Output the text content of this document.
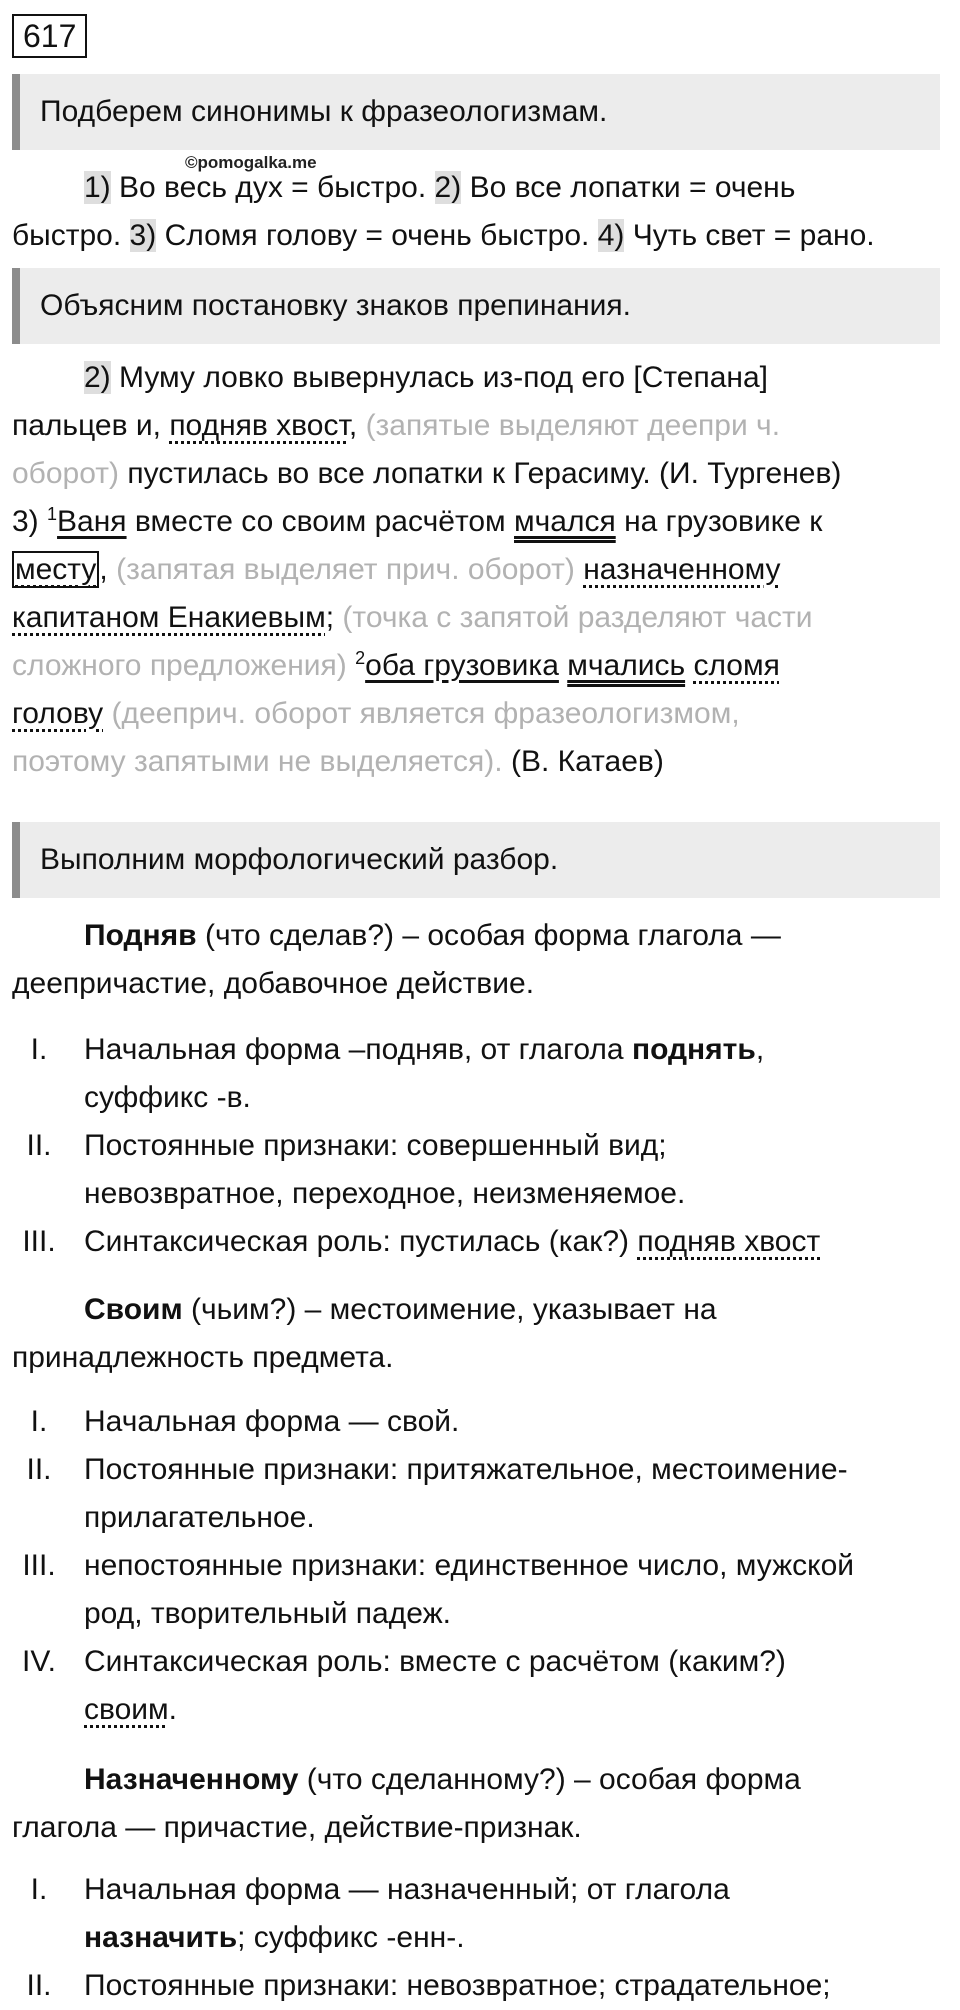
617
Подберем синонимы к фразеологизмам.
©pomogalka.me
1) Во весь дух = быстро. 2) Во все лопатки = очень
быстро. 3) Сломя голову = очень быстро. 4) Чуть свет = рано.
Объясним постановку знаков препинания.
2) Муму ловко вывернулась из-под его [Степана]
пальцев и, подняв хвост, (запятые выделяют деепри ч.
оборот) пустилась во все лопатки к Герасиму. (И. Тургенев)
3) $^1$Ваня вместе со своим расчётом мчался на грузовике к
месту , (запятая выделяет прич. оборот) назначенному
капитаном Енакиевым; (точка с запятой разделяют части
сложного предложения) $^2$оба грузовика мчались сломя
голову (дееприч. оборот является фразеологизмом,
поэтому запятыми не выделяется). (В. Катаев)
Выполним морфологический разбор.
Подняв (что сделав?) – особая форма глагола —
деепричастие, добавочное действие.
I.	Начальная форма –подняв, от глагола поднять,
суффикс -в.
II.	Постоянные признаки: совершенный вид;
невозвратное, переходное, неизменяемое.
III. Синтаксическая роль: пустилась (как?) подняв хвост
Своим (чьим?) – местоимение, указывает на
принадлежность предмета.
I.	Начальная форма — свой.
II.	Постоянные признаки: притяжательное, местоимение-
прилагательное.
III. непостоянные признаки: единственное число, мужской
род, творительный падеж.
IV. Синтаксическая роль: вместе с расчётом (каким?)
своим.
Назначенному (что сделанному?) – особая форма
глагола — причастие, действие-признак.
I.	Начальная форма — назначенный; от глагола
назначить; суффикс -енн-.
II.	Постоянные признаки: невозвратное; страдательное;
